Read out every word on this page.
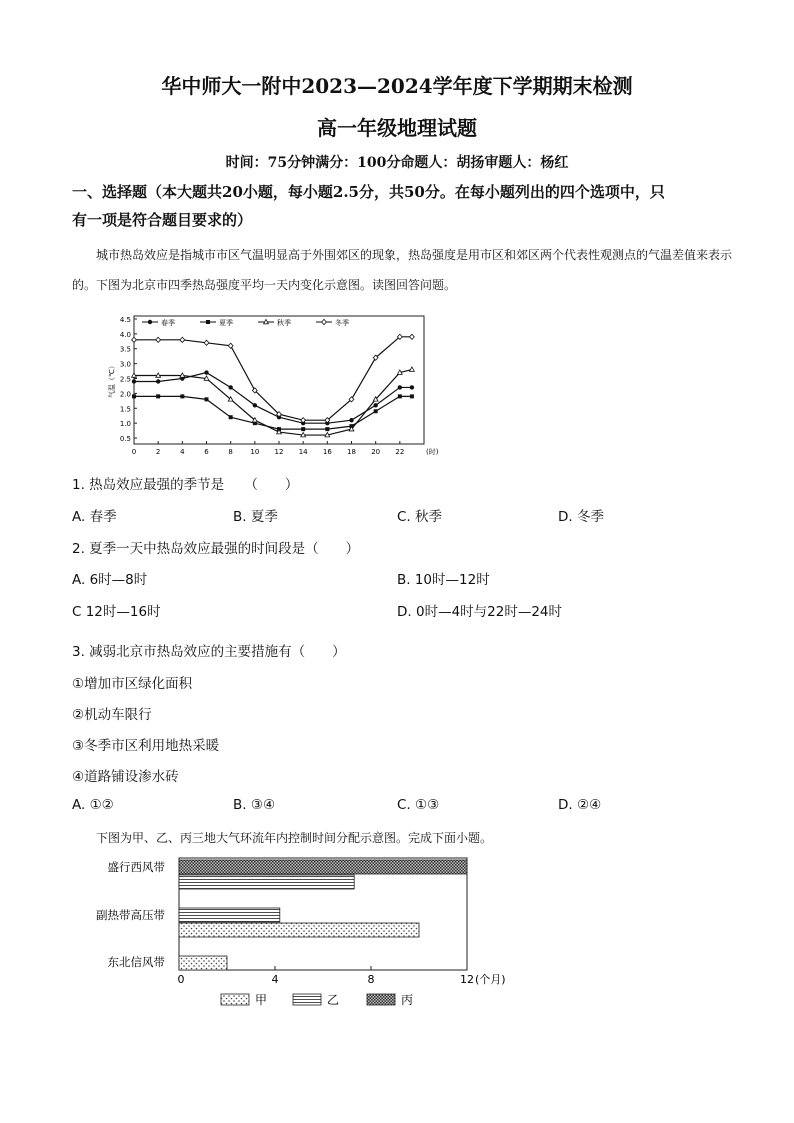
华中师大一附中2023—2024学年度下学期期末检测
高一年级地理试题
时间：75分钟满分：100分命题人：胡扬审题人：杨红
一、选择题（本大题共20小题，每小题2.5分，共50分。在每小题列出的四个选项中，只
有一项是符合题目要求的）
城市热岛效应是指城市市区气温明显高于外围郊区的现象，热岛强度是用市区和郊区两个代表性观测点的气温差值来表示的。下图为北京市四季热岛强度平均一天内变化示意图。读图回答问题。
0.5
1.0
1.5
2.0
2.5
3.0
3.5
4.0
4.5
0	2	4	6	8 10 12 14 16 18 20 22	(时)
气温（℃）
春季	夏季	秋季	冬季
1. 热岛效应最强的季节是　　（　　）
A. 春季	B. 夏季	C. 秋季	D. 冬季
2. 夏季一天中热岛效应最强的时间段是（　　）
A. 6时—8时	B. 10时—12时
C 12时—16时	D. 0时—4时与22时—24时
3. 减弱北京市热岛效应的主要措施有（　　）
①增加市区绿化面积
②机动车限行
③冬季市区利用地热采暖
④道路铺设渗水砖
A. ①②	B. ③④	C. ①③	D. ②④
下图为甲、乙、丙三地大气环流年内控制时间分配示意图。完成下面小题。
0	4	8	12 (个月)
盛行西风带
副热带高压带
东北信风带
甲	乙	丙
